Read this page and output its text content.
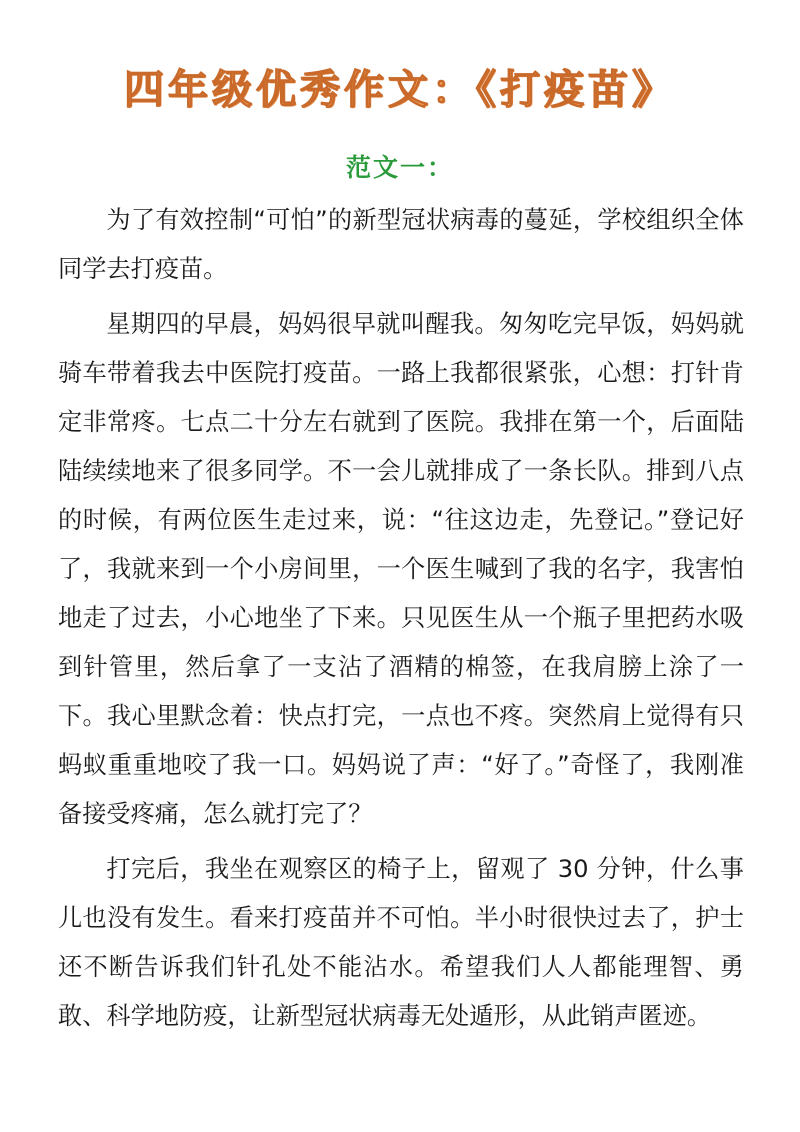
四年级优秀作文：《打疫苗》
范文一：

为了有效控制“可怕”的新型冠状病毒的蔓延，学校组织全体同学去打疫苗。

星期四的早晨，妈妈很早就叫醒我。匆匆吃完早饭，妈妈就骑车带着我去中医院打疫苗。一路上我都很紧张，心想：打针肯定非常疼。七点二十分左右就到了医院。我排在第一个，后面陆陆续续地来了很多同学。不一会儿就排成了一条长队。排到八点的时候，有两位医生走过来，说：“往这边走，先登记。”登记好了，我就来到一个小房间里，一个医生喊到了我的名字，我害怕地走了过去，小心地坐了下来。只见医生从一个瓶子里把药水吸到针管里，然后拿了一支沾了酒精的棉签，在我肩膀上涂了一下。我心里默念着：快点打完，一点也不疼。突然肩上觉得有只蚂蚁重重地咬了我一口。妈妈说了声：“好了。”奇怪了，我刚准备接受疼痛，怎么就打完了？

打完后，我坐在观察区的椅子上，留观了 30 分钟，什么事儿也没有发生。看来打疫苗并不可怕。半小时很快过去了，护士还不断告诉我们针孔处不能沾水。希望我们人人都能理智、勇敢、科学地防疫，让新型冠状病毒无处遁形，从此销声匿迹。
